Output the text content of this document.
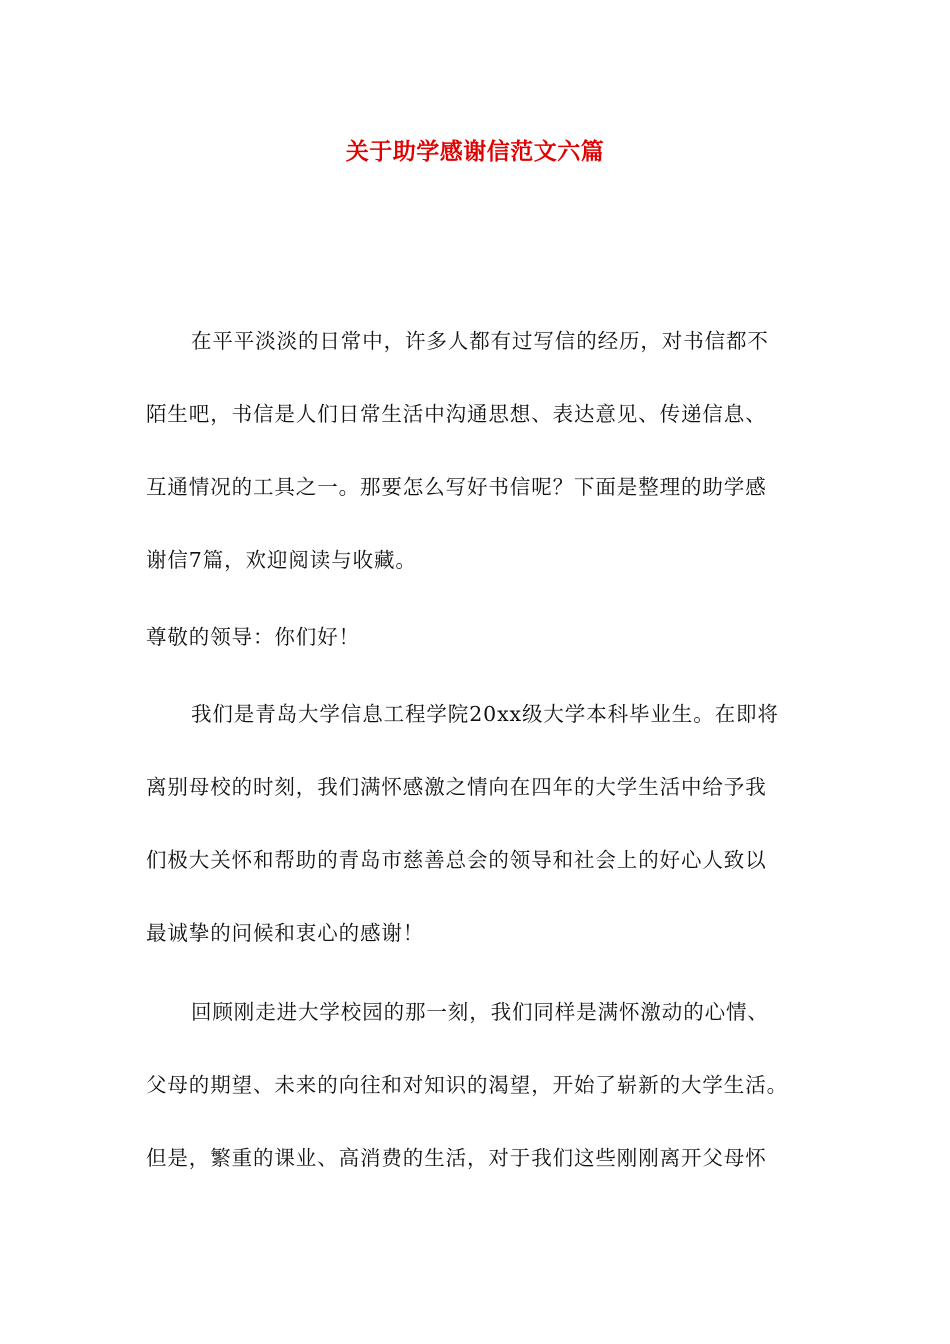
关于助学感谢信范文六篇
在平平淡淡的日常中，许多人都有过写信的经历，对书信都不
陌生吧，书信是人们日常生活中沟通思想、表达意见、传递信息、
互通情况的工具之一。那要怎么写好书信呢？下面是整理的助学感
谢信7篇，欢迎阅读与收藏。
尊敬的领导：你们好！
我们是青岛大学信息工程学院20xx级大学本科毕业生。在即将
离别母校的时刻，我们满怀感激之情向在四年的大学生活中给予我
们极大关怀和帮助的青岛市慈善总会的领导和社会上的好心人致以
最诚挚的问候和衷心的感谢！
回顾刚走进大学校园的那一刻，我们同样是满怀激动的心情、
父母的期望、未来的向往和对知识的渴望，开始了崭新的大学生活。
但是，繁重的课业、高消费的生活，对于我们这些刚刚离开父母怀
